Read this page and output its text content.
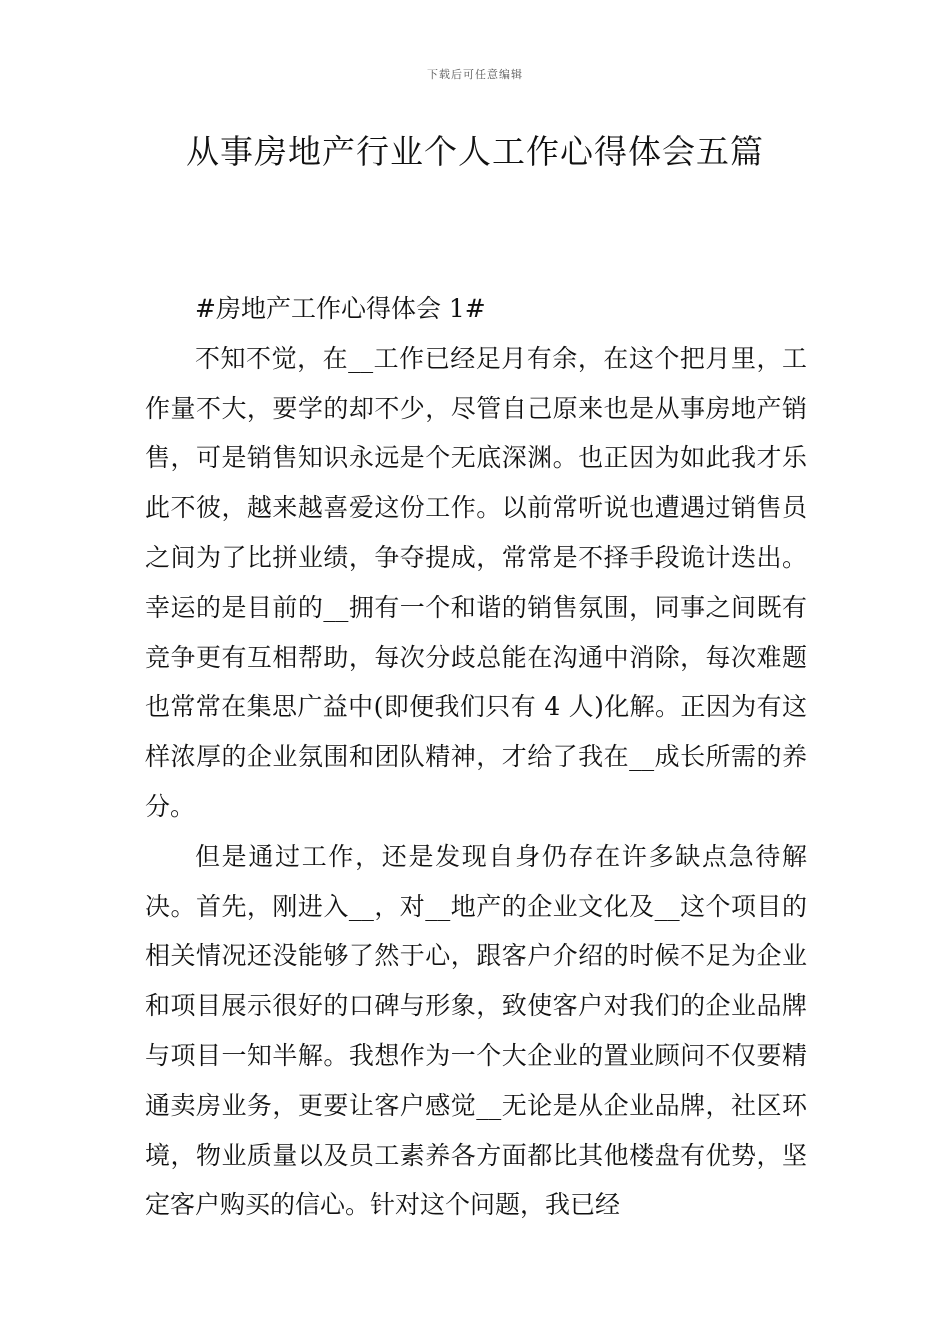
下载后可任意编辑
从事房地产行业个人工作心得体会五篇

#房地产工作心得体会 1#

不知不觉，在__工作已经足月有余，在这个把月里，工作量不大，要学的却不少，尽管自己原来也是从事房地产销售，可是销售知识永远是个无底深渊。也正因为如此我才乐此不彼，越来越喜爱这份工作。以前常听说也遭遇过销售员之间为了比拼业绩，争夺提成，常常是不择手段诡计迭出。幸运的是目前的__拥有一个和谐的销售氛围，同事之间既有竞争更有互相帮助，每次分歧总能在沟通中消除，每次难题也常常在集思广益中(即便我们只有 4 人)化解。正因为有这样浓厚的企业氛围和团队精神，才给了我在__成长所需的养分。

但是通过工作，还是发现自身仍存在许多缺点急待解决。首先，刚进入__，对__地产的企业文化及__这个项目的相关情况还没能够了然于心，跟客户介绍的时候不足为企业和项目展示很好的口碑与形象，致使客户对我们的企业品牌与项目一知半解。我想作为一个大企业的置业顾问不仅要精通卖房业务，更要让客户感觉__无论是从企业品牌，社区环境，物业质量以及员工素养各方面都比其他楼盘有优势，坚定客户购买的信心。针对这个问题，我已经
